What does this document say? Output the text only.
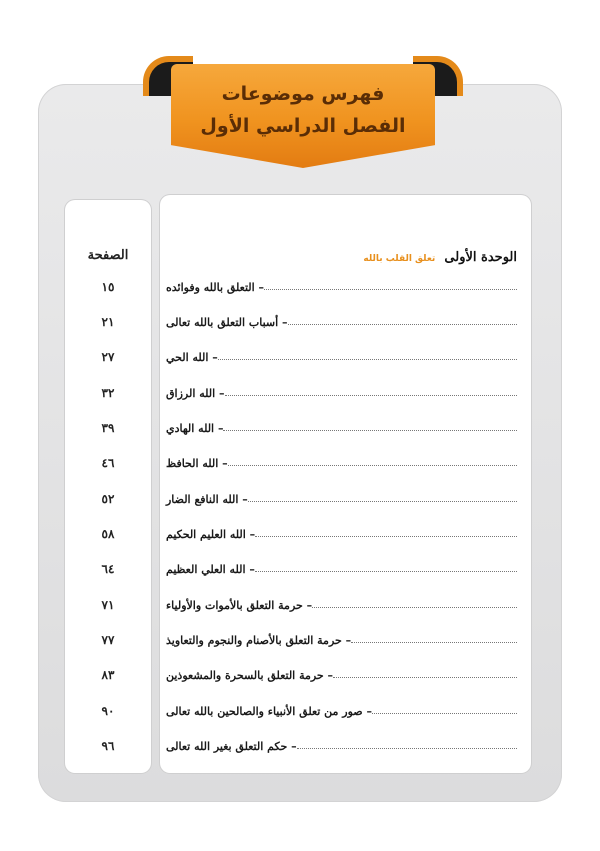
فهرس موضوعات
الفصل الدراسي الأول
الصفحة	الوحدة الأولى تعلق القلب بالله
– التعلق بالله وفوائده
١٥
– أسباب التعلق بالله تعالى
٢١
– الله الحي
٢٧
– الله الرزاق
٣٢
– الله الهادي
٣٩
– الله الحافظ
٤٦
– الله النافع الضار
٥٢
– الله العليم الحكيم
٥٨
– الله العلي العظيم
٦٤
– حرمة التعلق بالأموات والأولياء
٧١
– حرمة التعلق بالأصنام والنجوم والتعاويذ
٧٧
– حرمة التعلق بالسحرة والمشعوذين
٨٣
– صور من تعلق الأنبياء والصالحين بالله تعالى
٩٠
– حكم التعلق بغير الله تعالى
٩٦
